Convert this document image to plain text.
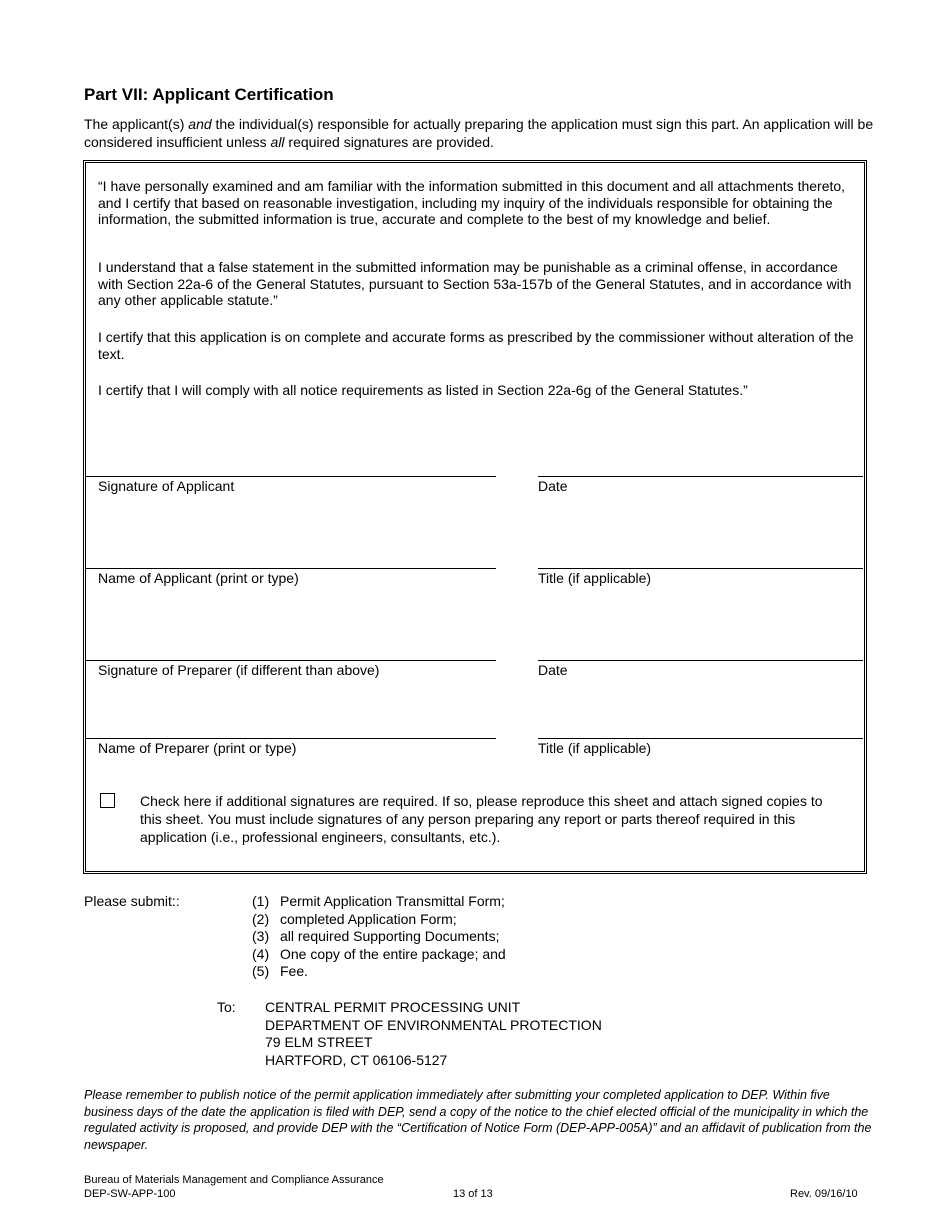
Part VII: Applicant Certification

The applicant(s) and the individual(s) responsible for actually preparing the application must sign this part. An application will be considered insufficient unless all required signatures are provided.

“I have personally examined and am familiar with the information submitted in this document and all attachments thereto, and I certify that based on reasonable investigation, including my inquiry of the individuals responsible for obtaining the information, the submitted information is true, accurate and complete to the best of my knowledge and belief.

I understand that a false statement in the submitted information may be punishable as a criminal offense, in accordance with Section 22a-6 of the General Statutes, pursuant to Section 53a-157b of the General Statutes, and in accordance with any other applicable statute.”

I certify that this application is on complete and accurate forms as prescribed by the commissioner without alteration of the text.

I certify that I will comply with all notice requirements as listed in Section 22a-6g of the General Statutes.”

Signature of Applicant	Date
Name of Applicant (print or type)	Title (if applicable)
Signature of Preparer (if different than above)	Date
Name of Preparer (print or type)	Title (if applicable)

Check here if additional signatures are required. If so, please reproduce this sheet and attach signed copies to this sheet. You must include signatures of any person preparing any report or parts thereof required in this application (i.e., professional engineers, consultants, etc.).

Please submit::	(1) Permit Application Transmittal Form;
(2) completed Application Form;
(3) all required Supporting Documents;
(4) One copy of the entire package; and
(5) Fee.
To: CENTRAL PERMIT PROCESSING UNIT
DEPARTMENT OF ENVIRONMENTAL PROTECTION
79 ELM STREET
HARTFORD, CT 06106-5127

Please remember to publish notice of the permit application immediately after submitting your completed application to DEP. Within five business days of the date the application is filed with DEP, send a copy of the notice to the chief elected official of the municipality in which the regulated activity is proposed, and provide DEP with the “Certification of Notice Form (DEP-APP-005A)” and an affidavit of publication from the newspaper.

Bureau of Materials Management and Compliance Assurance
DEP-SW-APP-100	13 of 13	Rev. 09/16/10
